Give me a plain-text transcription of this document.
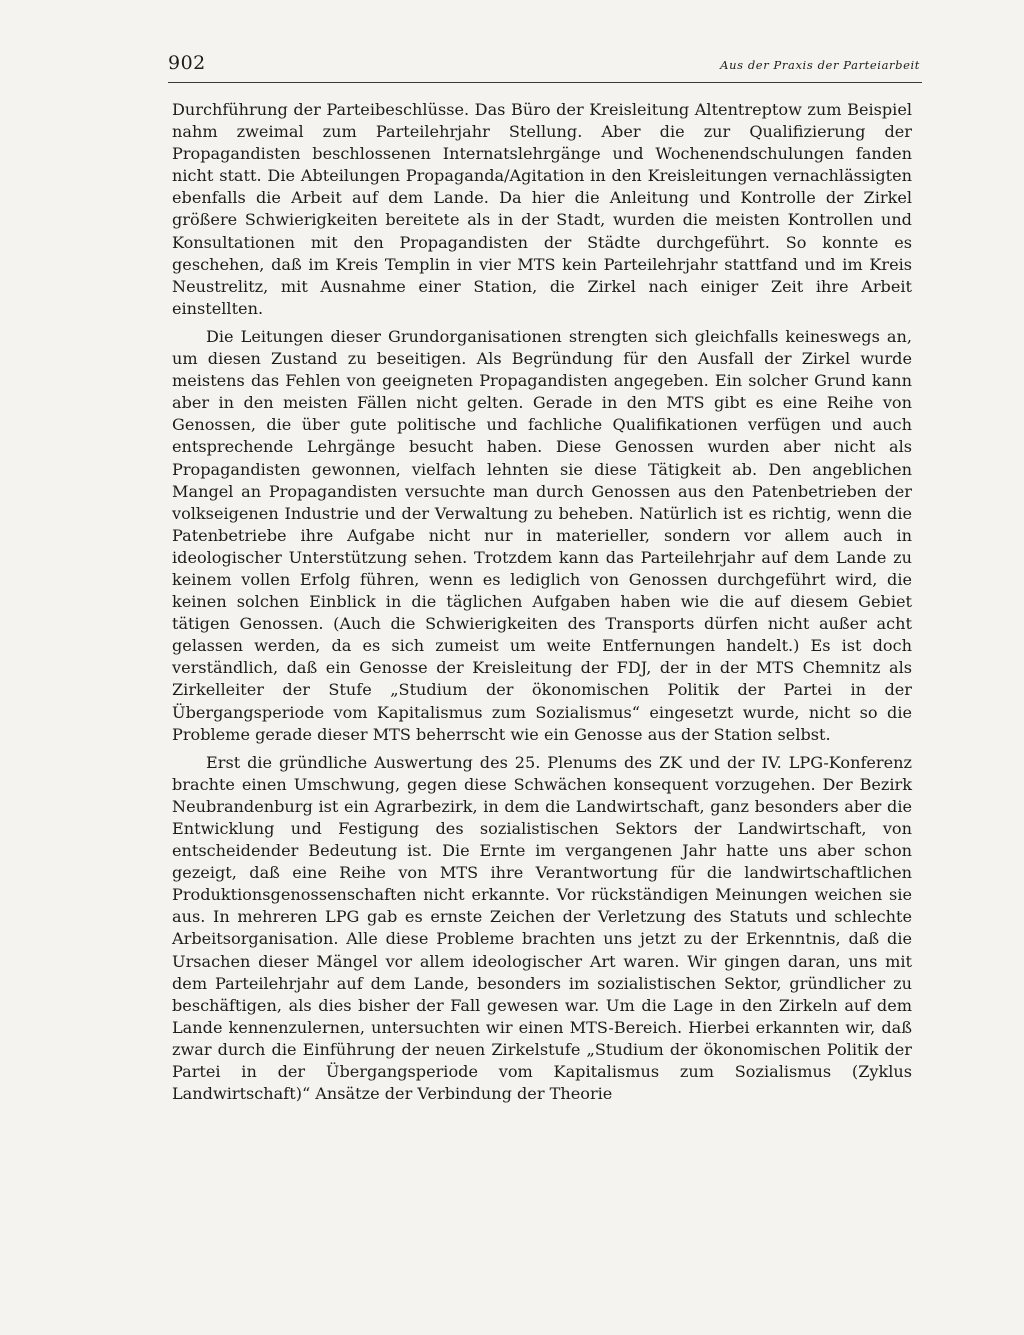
902	Aus der Praxis der Parteiarbeit

Durchführung der Parteibeschlüsse. Das Büro der Kreisleitung Altentreptow zum Beispiel nahm zweimal zum Parteilehrjahr Stellung. Aber die zur Qualifizierung der Propagandisten beschlossenen Internatslehrgänge und Wochenendschulungen fanden nicht statt. Die Abteilungen Propaganda/Agitation in den Kreisleitungen vernachlässigten ebenfalls die Arbeit auf dem Lande. Da hier die Anleitung und Kontrolle der Zirkel größere Schwierigkeiten bereitete als in der Stadt, wurden die meisten Kontrollen und Konsultationen mit den Propagandisten der Städte durchgeführt. So konnte es geschehen, daß im Kreis Templin in vier MTS kein Parteilehrjahr stattfand und im Kreis Neustrelitz, mit Ausnahme einer Station, die Zirkel nach einiger Zeit ihre Arbeit einstellten.

Die Leitungen dieser Grundorganisationen strengten sich gleichfalls keineswegs an, um diesen Zustand zu beseitigen. Als Begründung für den Ausfall der Zirkel wurde meistens das Fehlen von geeigneten Propagandisten angegeben. Ein solcher Grund kann aber in den meisten Fällen nicht gelten. Gerade in den MTS gibt es eine Reihe von Genossen, die über gute politische und fachliche Qualifikationen verfügen und auch entsprechende Lehrgänge besucht haben. Diese Genossen wurden aber nicht als Propagandisten gewonnen, vielfach lehnten sie diese Tätigkeit ab. Den angeblichen Mangel an Propagandisten versuchte man durch Genossen aus den Patenbetrieben der volkseigenen Industrie und der Verwaltung zu beheben. Natürlich ist es richtig, wenn die Patenbetriebe ihre Aufgabe nicht nur in materieller, sondern vor allem auch in ideologischer Unterstützung sehen. Trotzdem kann das Parteilehrjahr auf dem Lande zu keinem vollen Erfolg führen, wenn es lediglich von Genossen durchgeführt wird, die keinen solchen Einblick in die täglichen Aufgaben haben wie die auf diesem Gebiet tätigen Genossen. (Auch die Schwierigkeiten des Transports dürfen nicht außer acht gelassen werden, da es sich zumeist um weite Entfernungen handelt.) Es ist doch verständlich, daß ein Genosse der Kreisleitung der FDJ, der in der MTS Chemnitz als Zirkelleiter der Stufe „Studium der ökonomischen Politik der Partei in der Übergangsperiode vom Kapitalismus zum Sozialismus“ eingesetzt wurde, nicht so die Probleme gerade dieser MTS beherrscht wie ein Genosse aus der Station selbst.

Erst die gründliche Auswertung des 25. Plenums des ZK und der IV. LPG-Konferenz brachte einen Umschwung, gegen diese Schwächen konsequent vorzugehen. Der Bezirk Neubrandenburg ist ein Agrarbezirk, in dem die Landwirtschaft, ganz besonders aber die Entwicklung und Festigung des sozialistischen Sektors der Landwirtschaft, von entscheidender Bedeutung ist. Die Ernte im vergangenen Jahr hatte uns aber schon gezeigt, daß eine Reihe von MTS ihre Verantwortung für die landwirtschaftlichen Produktionsgenossenschaften nicht erkannte. Vor rückständigen Meinungen weichen sie aus. In mehreren LPG gab es ernste Zeichen der Verletzung des Statuts und schlechte Arbeitsorganisation. Alle diese Probleme brachten uns jetzt zu der Erkenntnis, daß die Ursachen dieser Mängel vor allem ideologischer Art waren. Wir gingen daran, uns mit dem Parteilehrjahr auf dem Lande, besonders im sozialistischen Sektor, gründlicher zu beschäftigen, als dies bisher der Fall gewesen war. Um die Lage in den Zirkeln auf dem Lande kennenzulernen, untersuchten wir einen MTS-Bereich. Hierbei erkannten wir, daß zwar durch die Einführung der neuen Zirkelstufe „Studium der ökonomischen Politik der Partei in der Übergangsperiode vom Kapitalismus zum Sozialismus (Zyklus Landwirtschaft)“ Ansätze der Verbindung der Theorie
